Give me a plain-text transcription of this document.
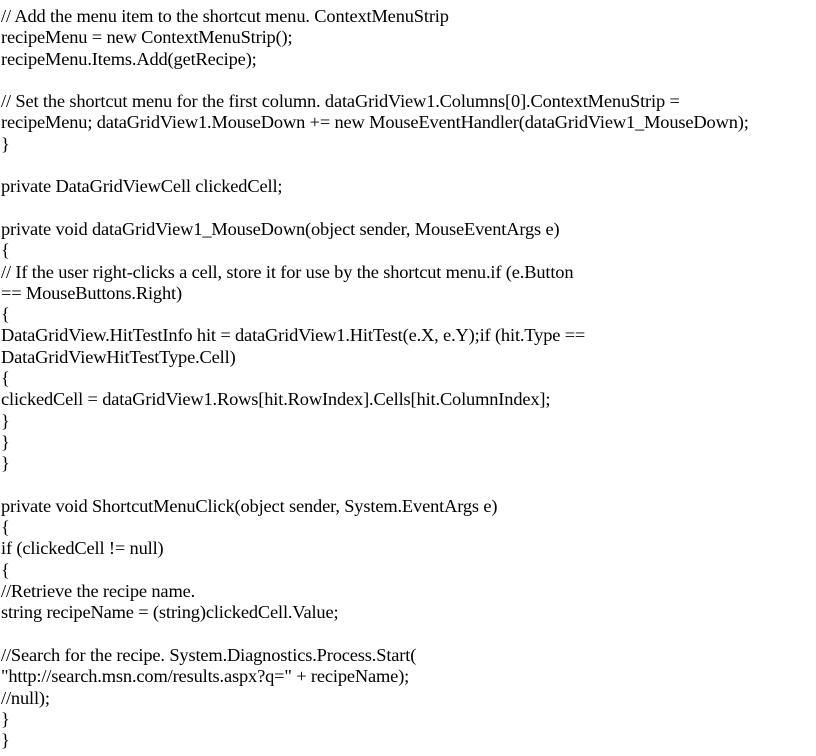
// Add the menu item to the shortcut menu. ContextMenuStrip
recipeMenu = new ContextMenuStrip();
recipeMenu.Items.Add(getRecipe);
// Set the shortcut menu for the first column. dataGridView1.Columns[0].ContextMenuStrip =
recipeMenu; dataGridView1.MouseDown += new MouseEventHandler(dataGridView1_MouseDown);
}
private DataGridViewCell clickedCell;
private void dataGridView1_MouseDown(object sender, MouseEventArgs e)
{
// If the user right-clicks a cell, store it for use by the shortcut menu.if (e.Button
== MouseButtons.Right)
{
DataGridView.HitTestInfo hit = dataGridView1.HitTest(e.X, e.Y);if (hit.Type ==
DataGridViewHitTestType.Cell)
{
clickedCell = dataGridView1.Rows[hit.RowIndex].Cells[hit.ColumnIndex];
}
}
}
private void ShortcutMenuClick(object sender, System.EventArgs e)
{
if (clickedCell != null)
{
//Retrieve the recipe name.
string recipeName = (string)clickedCell.Value;
//Search for the recipe. System.Diagnostics.Process.Start(
"http://search.msn.com/results.aspx?q=" + recipeName);
//null);
}
}
